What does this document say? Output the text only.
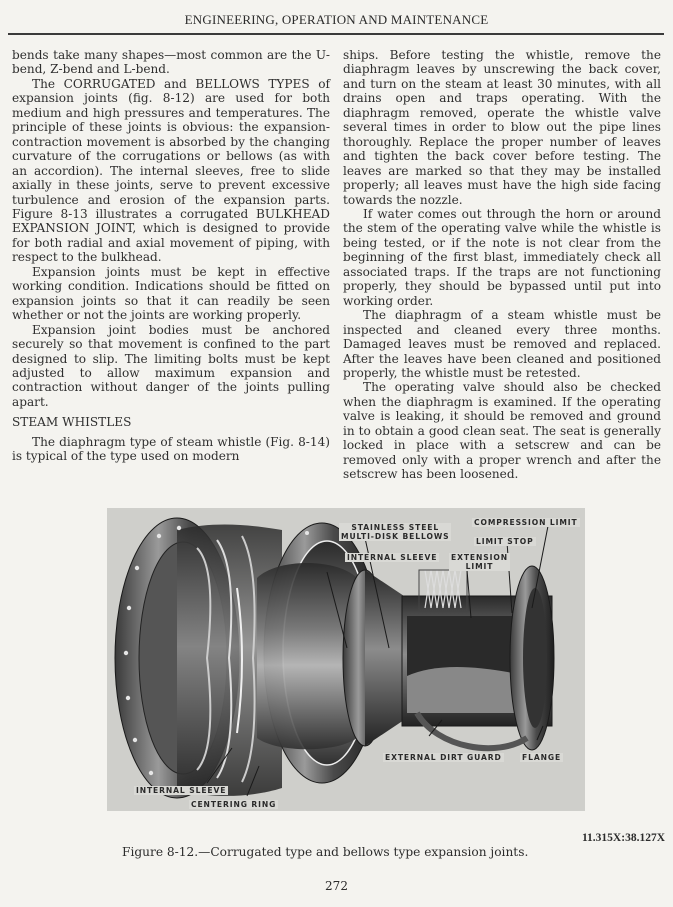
ENGINEERING, OPERATION AND MAINTENANCE

bends take many shapes—most common are the U-bend, Z-bend and L-bend.

The CORRUGATED and BELLOWS TYPES of expansion joints (fig. 8-12) are used for both medium and high pressures and temperatures. The principle of these joints is obvious: the expansion-contraction movement is absorbed by the changing curvature of the corrugations or bellows (as with an accordion). The internal sleeves, free to slide axially in these joints, serve to prevent excessive turbulence and erosion of the expansion parts. Figure 8-13 illustrates a corrugated BULKHEAD EXPANSION JOINT, which is designed to provide for both radial and axial movement of piping, with respect to the bulkhead.

Expansion joints must be kept in effective working condition. Indications should be fitted on expansion joints so that it can readily be seen whether or not the joints are working properly.

Expansion joint bodies must be anchored securely so that movement is confined to the part designed to slip. The limiting bolts must be kept adjusted to allow maximum expansion and contraction without danger of the joints pulling apart.

STEAM WHISTLES

The diaphragm type of steam whistle (Fig. 8-14) is typical of the type used on modern

ships. Before testing the whistle, remove the diaphragm leaves by unscrewing the back cover, and turn on the steam at least 30 minutes, with all drains open and traps operating. With the diaphragm removed, operate the whistle valve several times in order to blow out the pipe lines thoroughly. Replace the proper number of leaves and tighten the back cover before testing. The leaves are marked so that they may be installed properly; all leaves must have the high side facing towards the nozzle.

If water comes out through the horn or around the stem of the operating valve while the whistle is being tested, or if the note is not clear from the beginning of the first blast, immediately check all associated traps. If the traps are not functioning properly, they should be bypassed until put into working order.

The diaphragm of a steam whistle must be inspected and cleaned every three months. Damaged leaves must be removed and replaced. After the leaves have been cleaned and positioned properly, the whistle must be retested.

The operating valve should also be checked when the diaphragm is examined. If the operating valve is leaking, it should be removed and ground in to obtain a good clean seat. The seat is generally locked in place with a setscrew and can be removed only with a proper wrench and after the setscrew has been loosened.

STAINLESS STEEL
MULTI-DISK BELLOWS
COMPRESSION LIMIT
LIMIT STOP
INTERNAL SLEEVE EXTENSION
LIMIT
EXTERNAL DIRT GUARD	FLANGE
INTERNAL SLEEVE
CENTERING RING
11.315X:38.127X
Figure 8-12.—Corrugated type and bellows type expansion joints.
272
